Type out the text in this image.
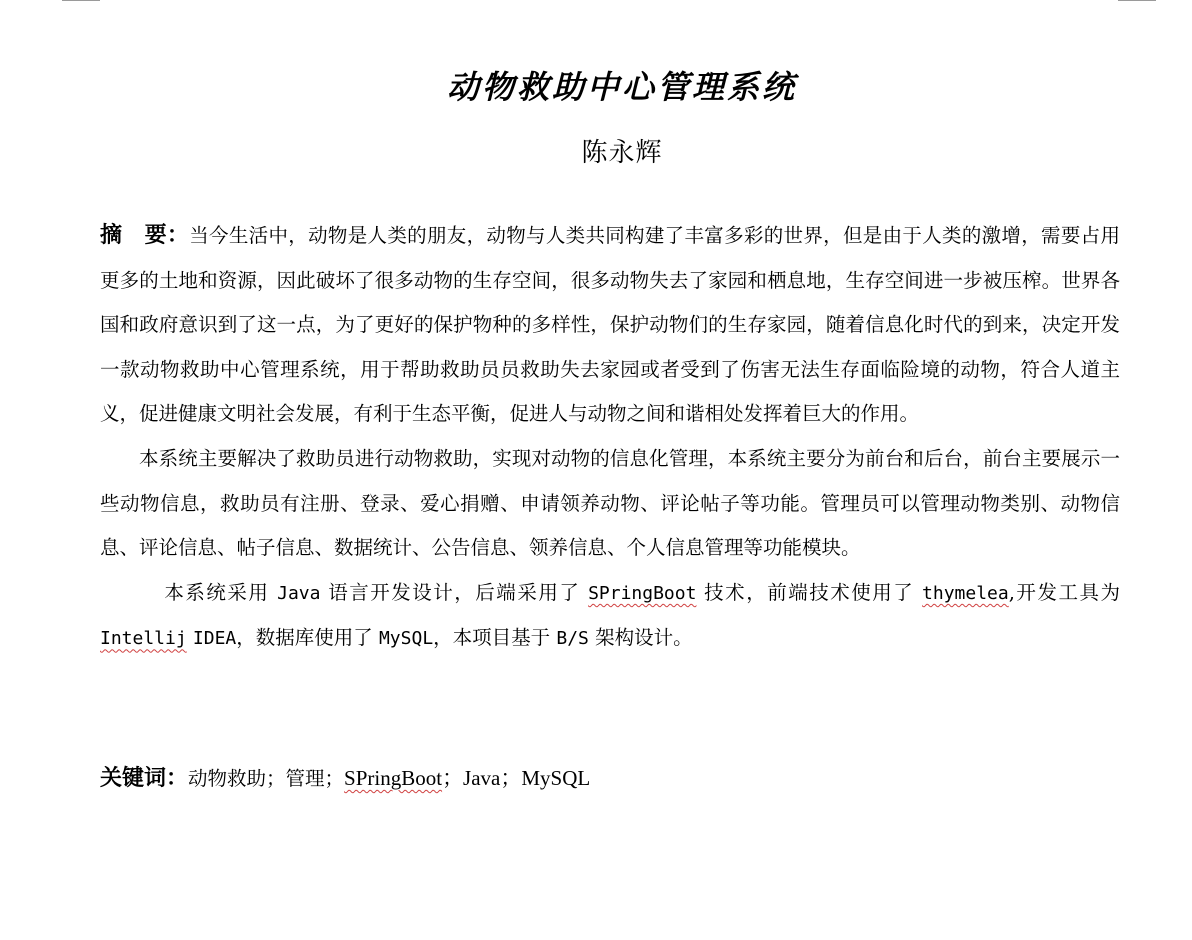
动物救助中心管理系统
陈永辉

摘　要：当今生活中，动物是人类的朋友，动物与人类共同构建了丰富多彩的世界，但是由于人类的激增，需要占用更多的土地和资源，因此破坏了很多动物的生存空间，很多动物失去了家园和栖息地，生存空间进一步被压榨。世界各国和政府意识到了这一点，为了更好的保护物种的多样性，保护动物们的生存家园，随着信息化时代的到来，决定开发一款动物救助中心管理系统，用于帮助救助员员救助失去家园或者受到了伤害无法生存面临险境的动物，符合人道主义，促进健康文明社会发展，有利于生态平衡，促进人与动物之间和谐相处发挥着巨大的作用。

本系统主要解决了救助员进行动物救助，实现对动物的信息化管理，本系统主要分为前台和后台，前台主要展示一些动物信息，救助员有注册、登录、爱心捐赠、申请领养动物、评论帖子等功能。管理员可以管理动物类别、动物信息、评论信息、帖子信息、数据统计、公告信息、领养信息、个人信息管理等功能模块。

本系统采用 Java 语言开发设计，后端采用了 SPringBoot 技术，前端技术使用了 thymelea,开发工具为 Intellij IDEA，数据库使用了 MySQL，本项目基于 B/S 架构设计。

关键词：动物救助；管理；SPringBoot；Java；MySQL
